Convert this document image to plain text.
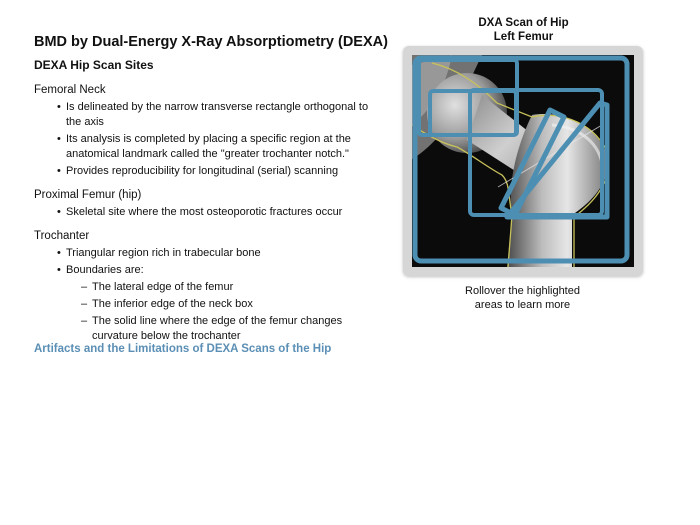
BMD by Dual-Energy X-Ray Absorptiometry (DEXA)
DEXA Hip Scan Sites
Femoral Neck
• Is delineated by the narrow transverse rectangle orthogonal to the axis
• Its analysis is completed by placing a specific region at the anatomical landmark called the "greater trochanter notch."
• Provides reproducibility for longitudinal (serial) scanning
Proximal Femur (hip)
• Skeletal site where the most osteoporotic fractures occur
Trochanter
• Triangular region rich in trabecular bone
• Boundaries are:
– The lateral edge of the femur
– The inferior edge of the neck box
– The solid line where the edge of the femur changes curvature below the trochanter
Artifacts and the Limitations of DEXA Scans of the Hip
DXA Scan of Hip
Left Femur
Rollover the highlighted
areas to learn more
